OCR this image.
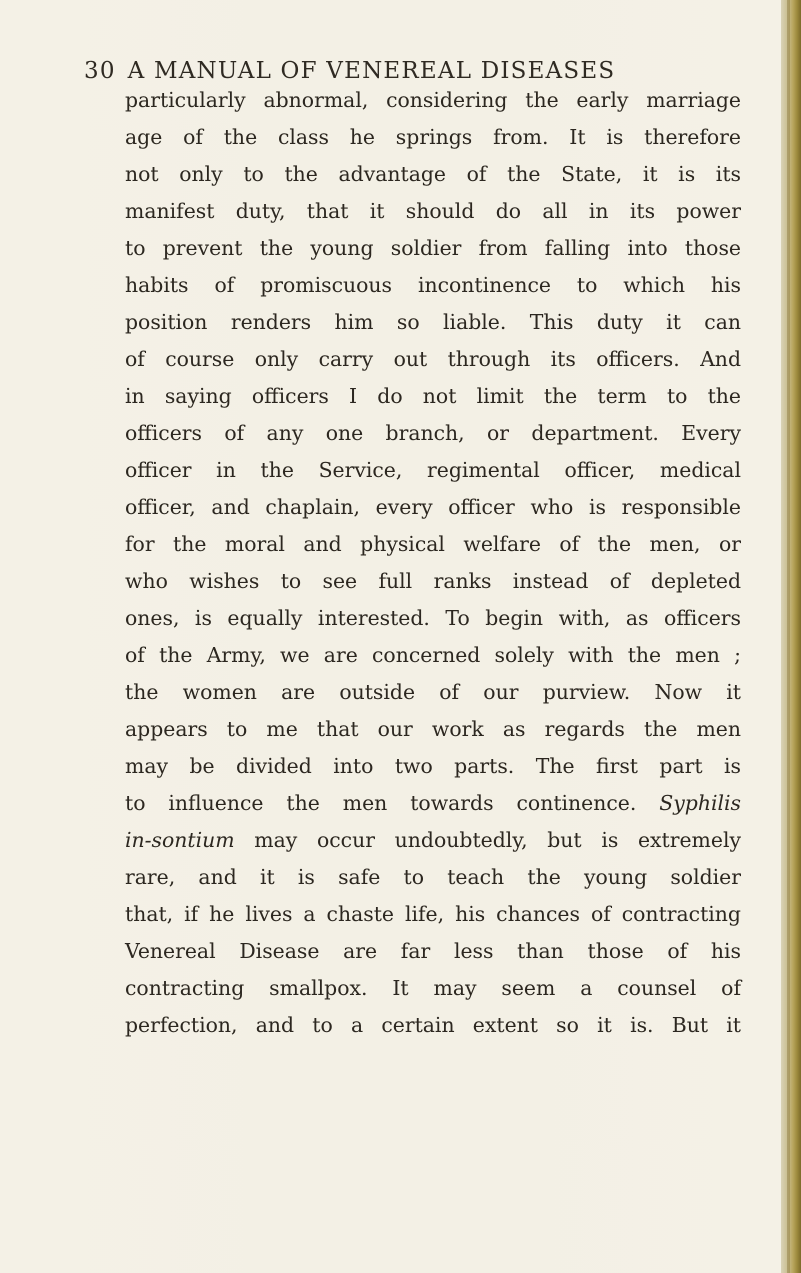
30 A MANUAL OF VENEREAL DISEASES
particularly abnormal, considering the early marriage
age of the class he springs from. It is therefore
not only to the advantage of the State, it is its
manifest duty, that it should do all in its power
to prevent the young soldier from falling into those
habits of promiscuous incontinence to which his
position renders him so liable. This duty it can
of course only carry out through its officers. And
in saying officers I do not limit the term to the
officers of any one branch, or department. Every
officer in the Service, regimental officer, medical
officer, and chaplain, every officer who is responsible
for the moral and physical welfare of the men, or
who wishes to see full ranks instead of depleted
ones, is equally interested. To begin with, as officers
of the Army, we are concerned solely with the men ;
the women are outside of our purview. Now it
appears to me that our work as regards the men
may be divided into two parts. The first part is
to influence the men towards continence. Syphilis
in-sontium may occur undoubtedly, but is extremely
rare, and it is safe to teach the young soldier
that, if he lives a chaste life, his chances of contracting
Venereal Disease are far less than those of his
contracting smallpox. It may seem a counsel of
perfection, and to a certain extent so it is. But it
